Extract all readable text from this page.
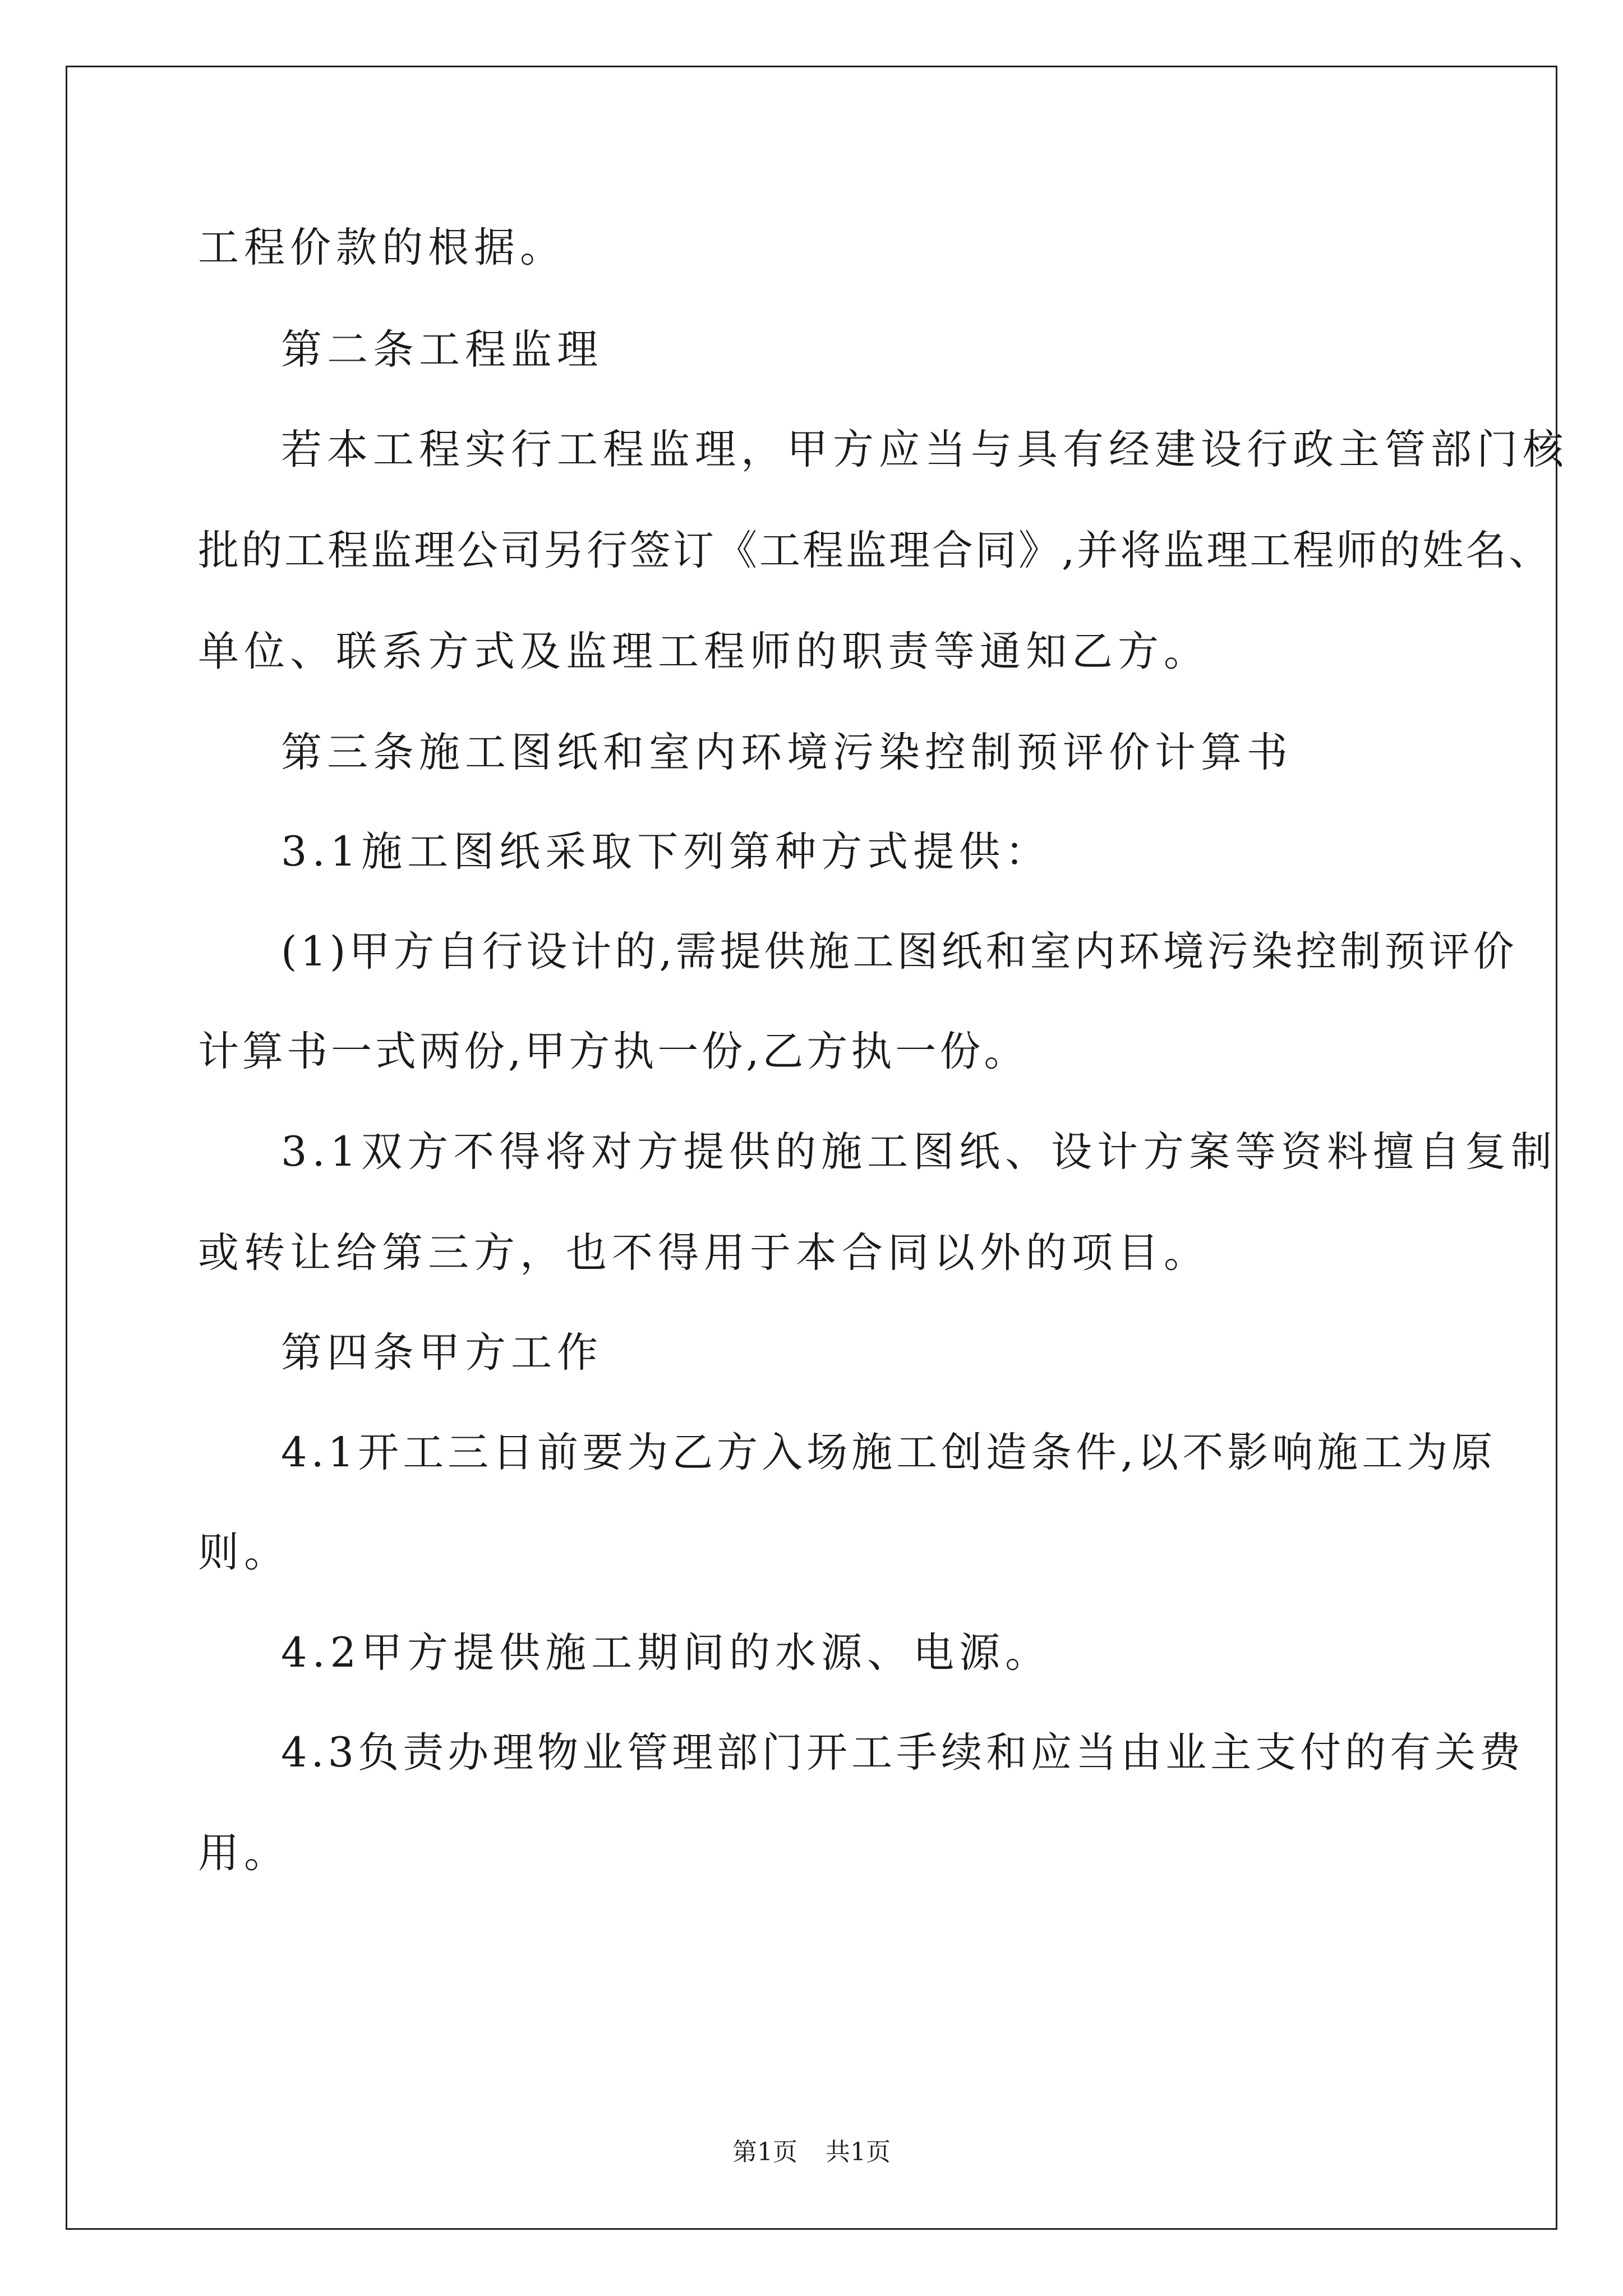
工程价款的根据。
第二条工程监理
若本工程实行工程监理，甲方应当与具有经建设行政主管部门核
批的工程监理公司另行签订《工程监理合同》,并将监理工程师的姓名、
单位、联系方式及监理工程师的职责等通知乙方。
第三条施工图纸和室内环境污染控制预评价计算书
3.1施工图纸采取下列第种方式提供：
(1)甲方自行设计的,需提供施工图纸和室内环境污染控制预评价
计算书一式两份,甲方执一份,乙方执一份。
3.1双方不得将对方提供的施工图纸、设计方案等资料擅自复制
或转让给第三方，也不得用于本合同以外的项目。
第四条甲方工作
4.1开工三日前要为乙方入场施工创造条件,以不影响施工为原
则。
4.2甲方提供施工期间的水源、电源。
4.3负责办理物业管理部门开工手续和应当由业主支付的有关费
用。
第1页 共1页
